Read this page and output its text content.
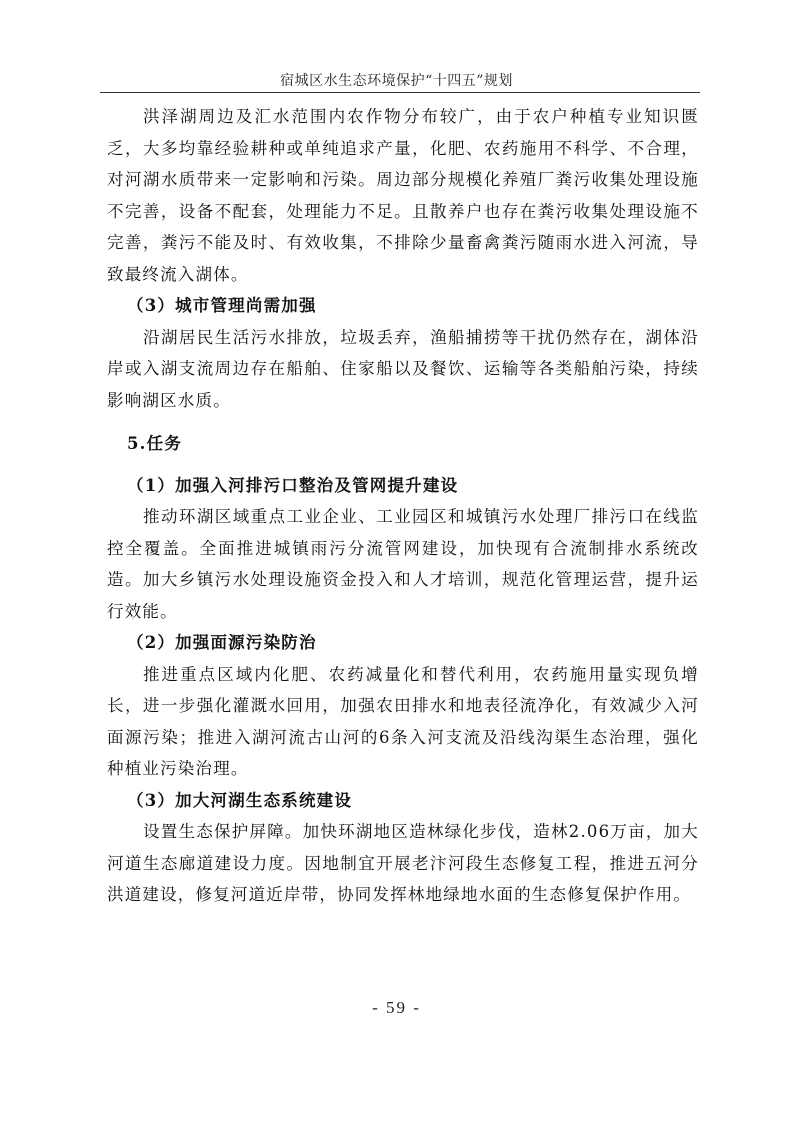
宿城区水生态环境保护“十四五”规划

洪泽湖周边及汇水范围内农作物分布较广，由于农户种植专业知识匮乏，大多均靠经验耕种或单纯追求产量，化肥、农药施用不科学、不合理，对河湖水质带来一定影响和污染。周边部分规模化养殖厂粪污收集处理设施不完善，设备不配套，处理能力不足。且散养户也存在粪污收集处理设施不完善，粪污不能及时、有效收集，不排除少量畜禽粪污随雨水进入河流，导致最终流入湖体。

（3）城市管理尚需加强

沿湖居民生活污水排放，垃圾丢弃，渔船捕捞等干扰仍然存在，湖体沿岸或入湖支流周边存在船舶、住家船以及餐饮、运输等各类船舶污染，持续影响湖区水质。

5.任务

（1）加强入河排污口整治及管网提升建设

推动环湖区域重点工业企业、工业园区和城镇污水处理厂排污口在线监控全覆盖。全面推进城镇雨污分流管网建设，加快现有合流制排水系统改造。加大乡镇污水处理设施资金投入和人才培训，规范化管理运营，提升运行效能。

（2）加强面源污染防治

推进重点区域内化肥、农药减量化和替代利用，农药施用量实现负增长，进一步强化灌溉水回用，加强农田排水和地表径流净化，有效减少入河面源污染；推进入湖河流古山河的6条入河支流及沿线沟渠生态治理，强化种植业污染治理。

（3）加大河湖生态系统建设

设置生态保护屏障。加快环湖地区造林绿化步伐，造林2.06万亩，加大河道生态廊道建设力度。因地制宜开展老汴河段生态修复工程，推进五河分洪道建设，修复河道近岸带，协同发挥林地绿地水面的生态修复保护作用。

- 59 -
